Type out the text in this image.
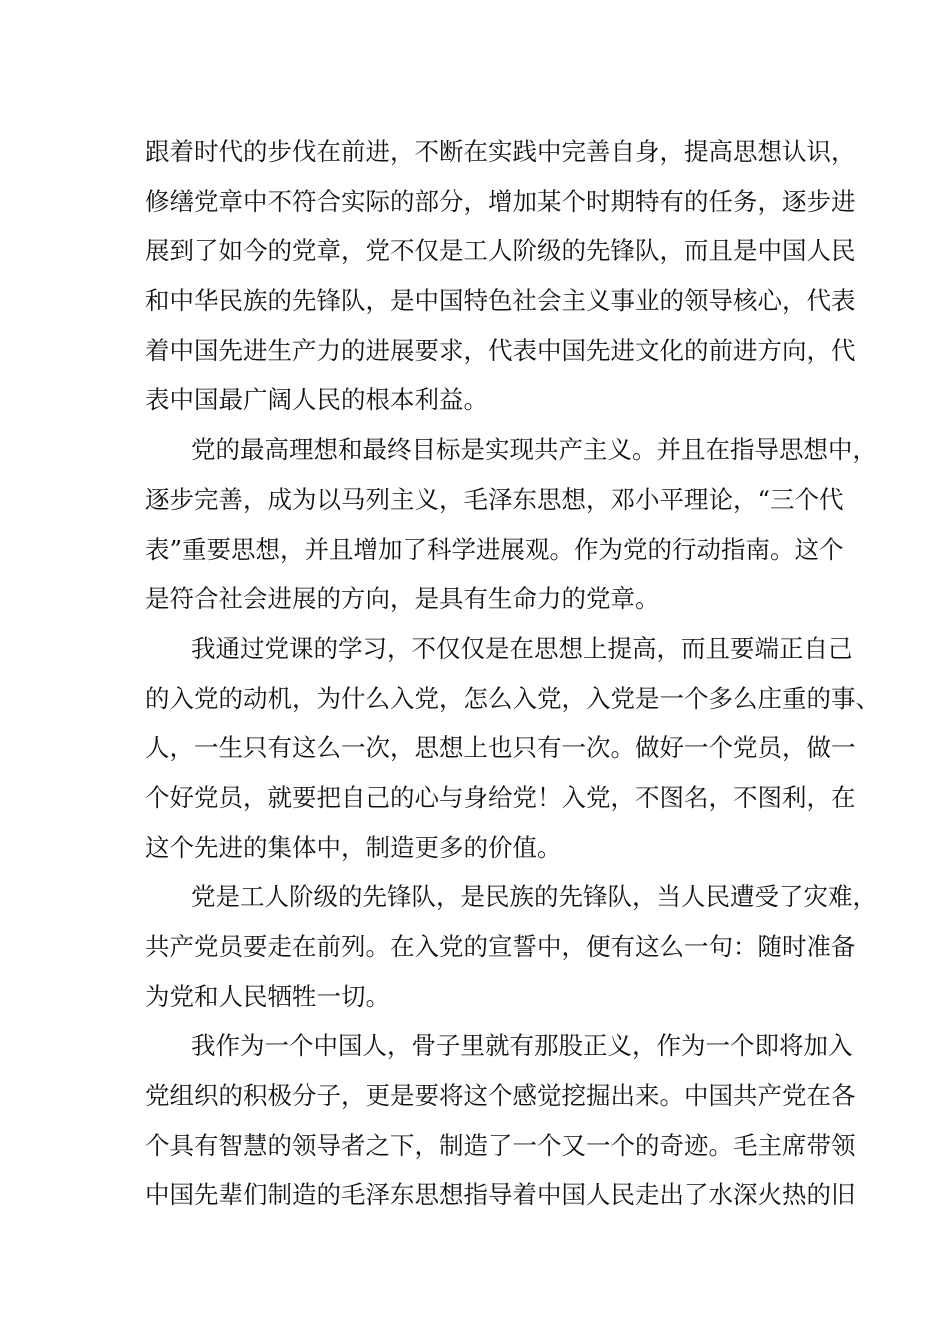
跟着时代的步伐在前进，不断在实践中完善自身，提高思想认识，
修缮党章中不符合实际的部分，增加某个时期特有的任务，逐步进
展到了如今的党章，党不仅是工人阶级的先锋队，而且是中国人民
和中华民族的先锋队，是中国特色社会主义事业的领导核心，代表
着中国先进生产力的进展要求，代表中国先进文化的前进方向，代
表中国最广阔人民的根本利益。
党的最高理想和最终目标是实现共产主义。并且在指导思想中，
逐步完善，成为以马列主义，毛泽东思想，邓小平理论，“三个代
表”重要思想，并且增加了科学进展观。作为党的行动指南。这个
是符合社会进展的方向，是具有生命力的党章。
我通过党课的学习，不仅仅是在思想上提高，而且要端正自己
的入党的动机，为什么入党，怎么入党，入党是一个多么庄重的事、
人，一生只有这么一次，思想上也只有一次。做好一个党员，做一
个好党员，就要把自己的心与身给党！入党，不图名，不图利，在
这个先进的集体中，制造更多的价值。
党是工人阶级的先锋队，是民族的先锋队，当人民遭受了灾难，
共产党员要走在前列。在入党的宣誓中，便有这么一句：随时准备
为党和人民牺牲一切。
我作为一个中国人，骨子里就有那股正义，作为一个即将加入
党组织的积极分子，更是要将这个感觉挖掘出来。中国共产党在各
个具有智慧的领导者之下，制造了一个又一个的奇迹。毛主席带领
中国先辈们制造的毛泽东思想指导着中国人民走出了水深火热的旧
